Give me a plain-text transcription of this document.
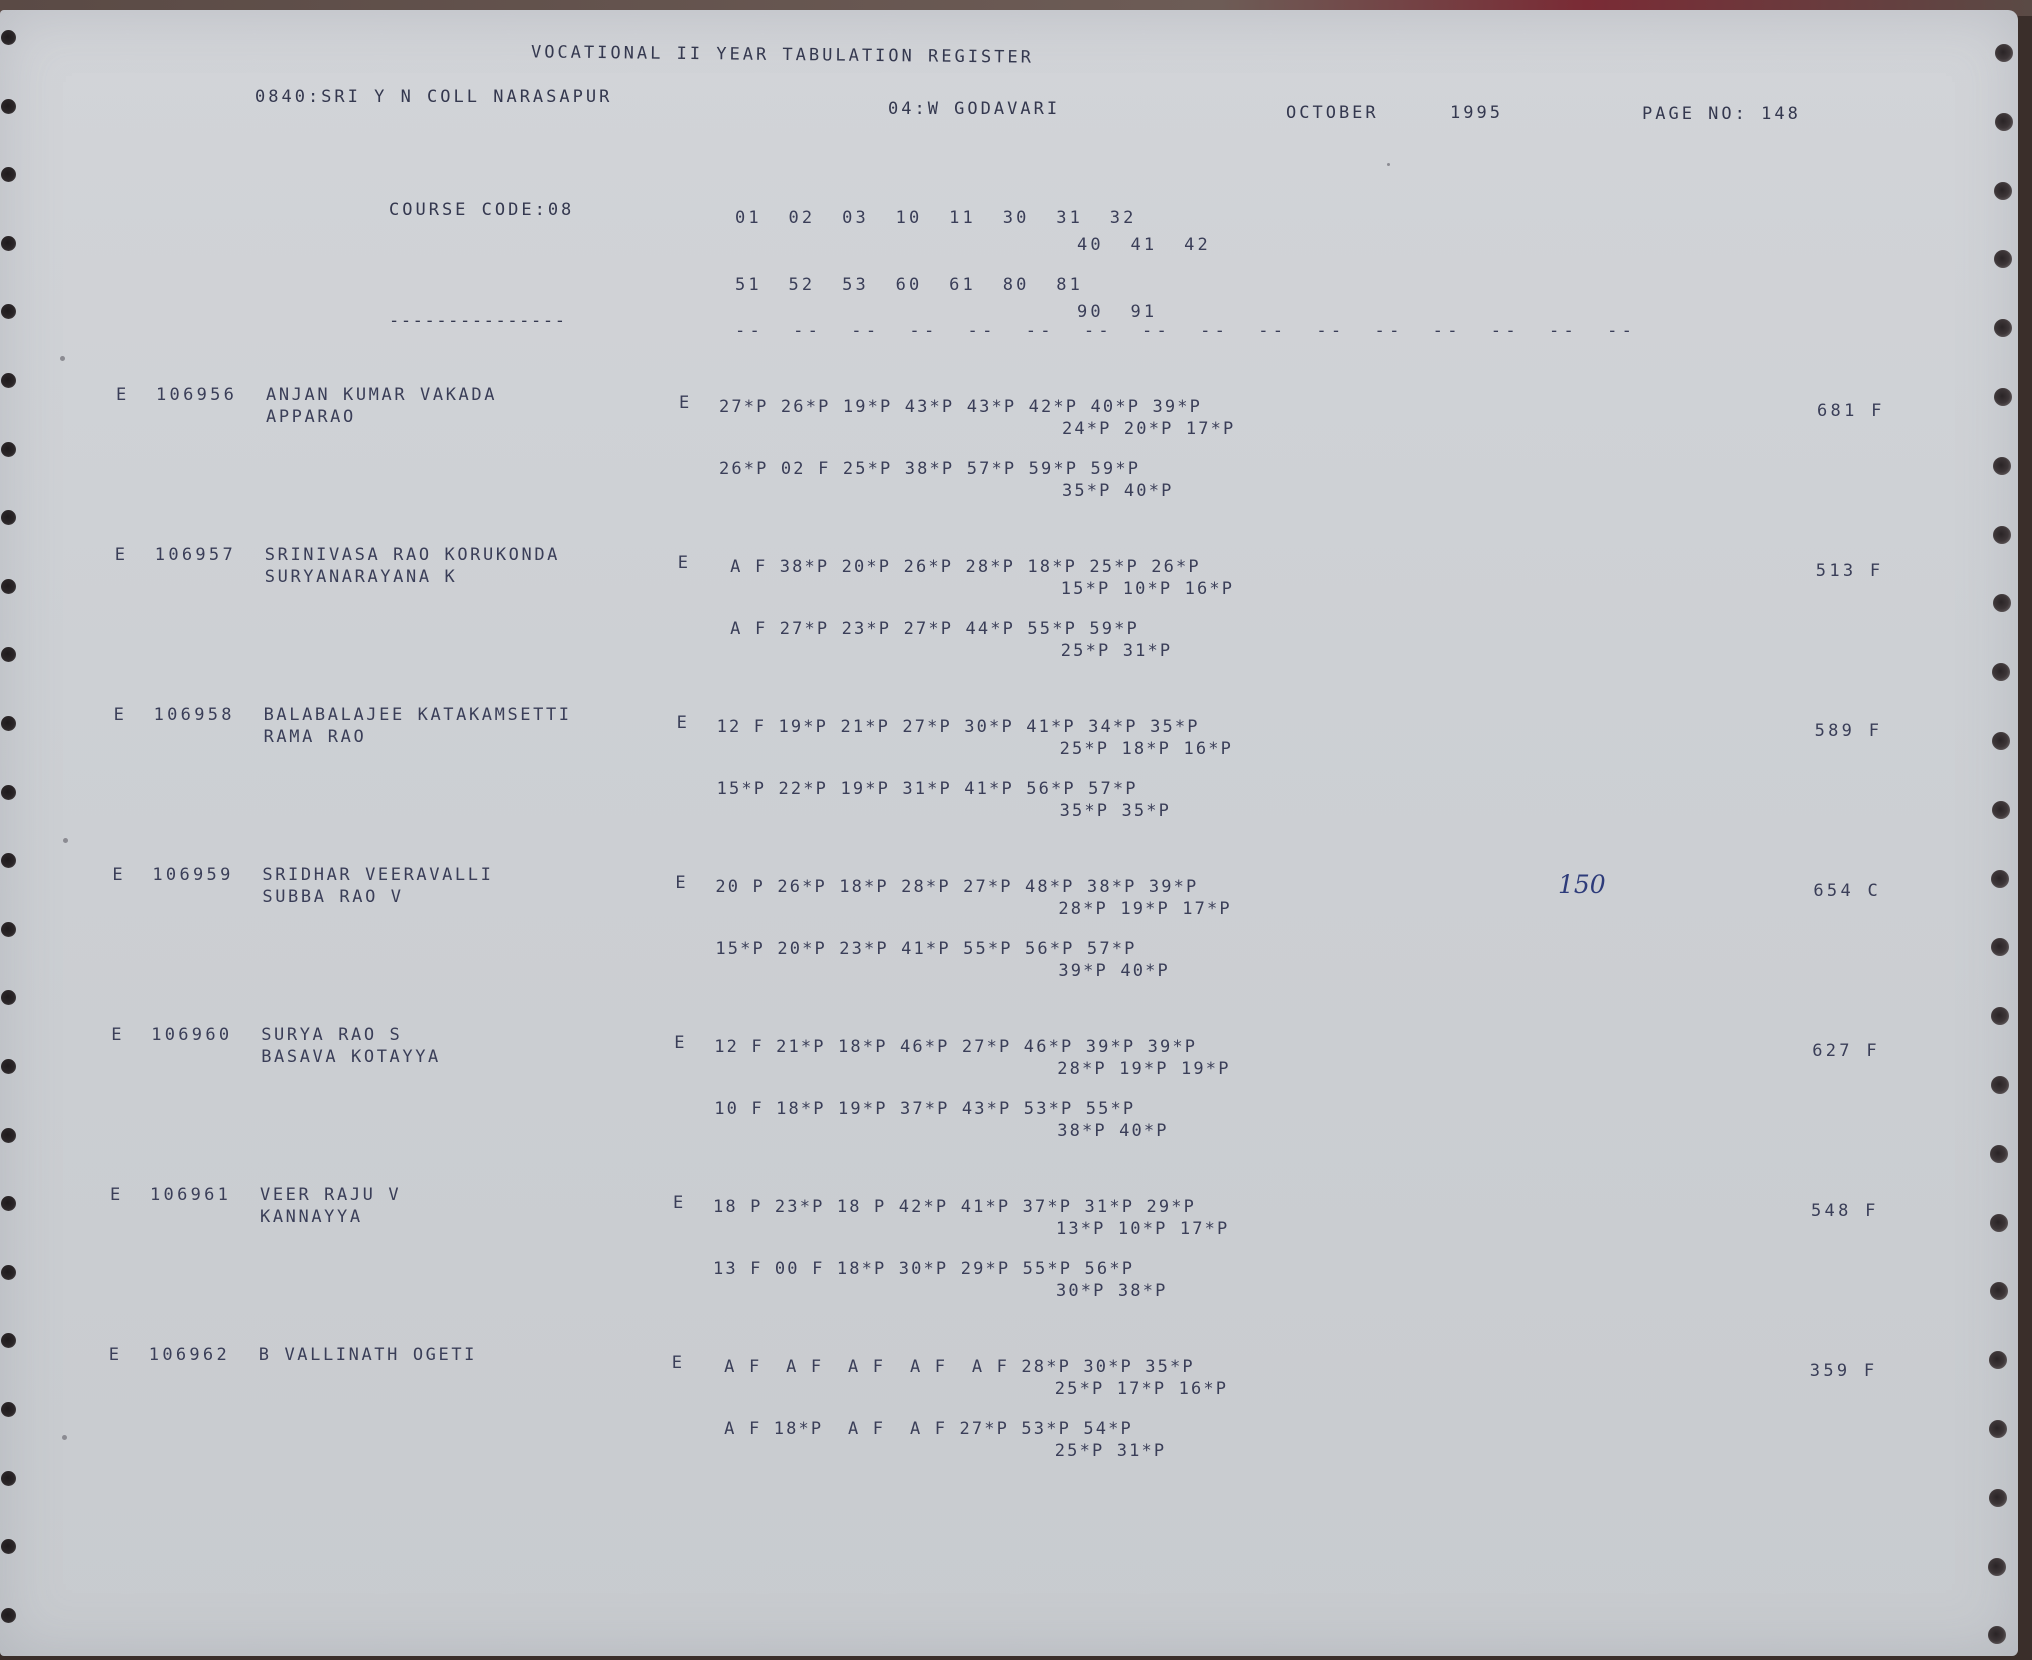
VOCATIONAL II YEAR TABULATION REGISTER
0840:SRI Y N COLL NARASAPUR
04:W GODAVARI	OCTOBER	1995	PAGE NO: 148
COURSE CODE:08
---------------
01  02  03  10  11  30  31  32
40  41  42
51  52  53  60  61  80  81
90  91
--  --  --  --  --  --  --  --  --  --  --  --  --  --  --  --
E 106956 ANJAN KUMAR VAKADA
APPARAO
E 27*P 26*P 19*P 43*P 43*P 42*P 40*P 39*P
24*P 20*P 17*P
26*P 02 F 25*P 38*P 57*P 59*P 59*P
35*P 40*P
681 F
E 106957 SRINIVASA RAO KORUKONDA
SURYANARAYANA K
E A F 38*P 20*P 26*P 28*P 18*P 25*P 26*P
15*P 10*P 16*P
A F 27*P 23*P 27*P 44*P 55*P 59*P
25*P 31*P
513 F
E 106958 BALABALAJEE KATAKAMSETTI
RAMA RAO
E 12 F 19*P 21*P 27*P 30*P 41*P 34*P 35*P
25*P 18*P 16*P
15*P 22*P 19*P 31*P 41*P 56*P 57*P
35*P 35*P
589 F
E 106959 SRIDHAR VEERAVALLI
SUBBA RAO V
E 20 P 26*P 18*P 28*P 27*P 48*P 38*P 39*P
28*P 19*P 17*P
15*P 20*P 23*P 41*P 55*P 56*P 57*P
39*P 40*P
654 C
150
E 106960 SURYA RAO S
BASAVA KOTAYYA
E 12 F 21*P 18*P 46*P 27*P 46*P 39*P 39*P
28*P 19*P 19*P
10 F 18*P 19*P 37*P 43*P 53*P 55*P
38*P 40*P
627 F
E 106961 VEER RAJU V
KANNAYYA
E 18 P 23*P 18 P 42*P 41*P 37*P 31*P 29*P
13*P 10*P 17*P
13 F 00 F 18*P 30*P 29*P 55*P 56*P
30*P 38*P
548 F
E 106962 B VALLINATH OGETI	E A F  A F  A F  A F  A F 28*P 30*P 35*P
25*P 17*P 16*P
A F 18*P  A F  A F 27*P 53*P 54*P
25*P 31*P
359 F
